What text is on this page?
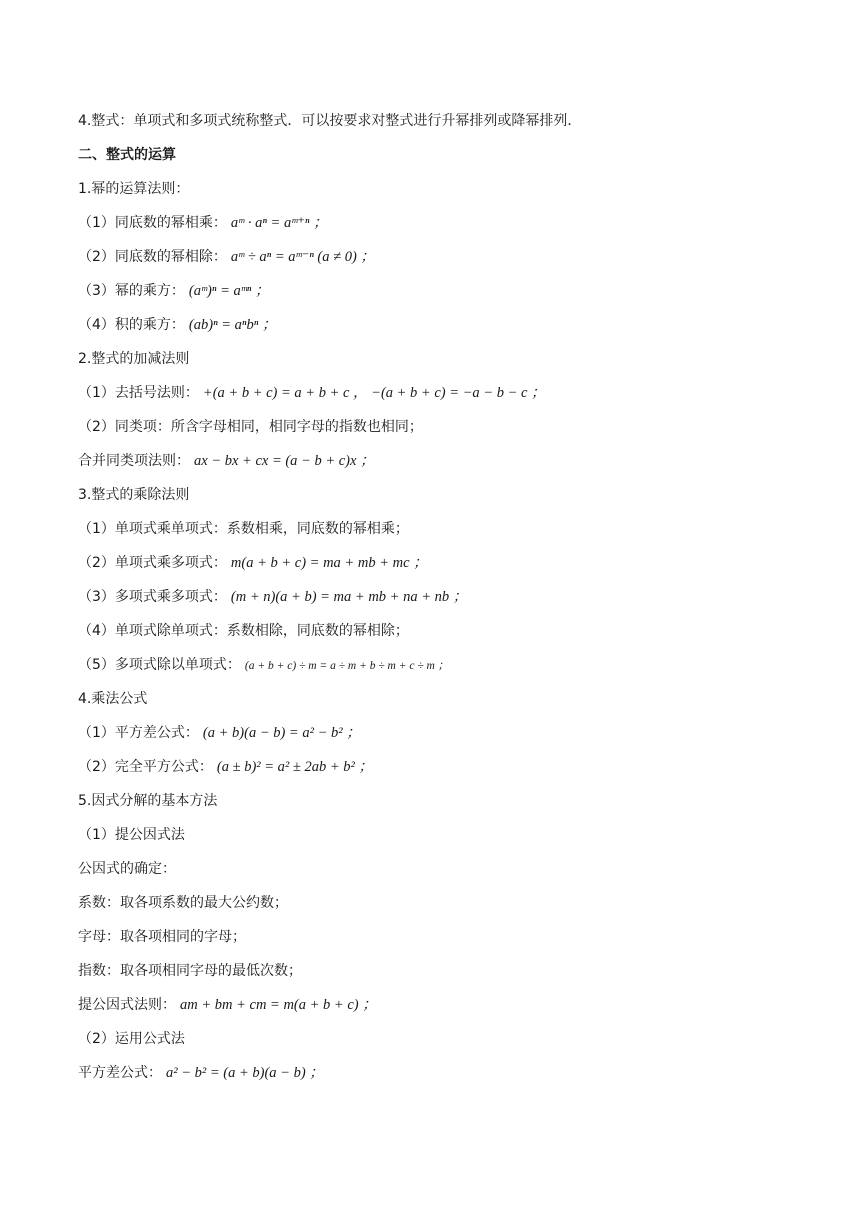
4.整式：单项式和多项式统称整式．可以按要求对整式进行升幂排列或降幂排列．
二、整式的运算
1.幂的运算法则：
（1）同底数的幂相乘： aᵐ · aⁿ = aᵐ⁺ⁿ ；
（2）同底数的幂相除： aᵐ ÷ aⁿ = aᵐ⁻ⁿ (a ≠ 0) ；
（3）幂的乘方： (aᵐ)ⁿ = aᵐⁿ ；
（4）积的乘方： (ab)ⁿ = aⁿbⁿ ；
2.整式的加减法则
（1）去括号法则： +(a + b + c) = a + b + c ， −(a + b + c) = −a − b − c ；
（2）同类项：所含字母相同，相同字母的指数也相同；
合并同类项法则： ax − bx + cx = (a − b + c)x ；
3.整式的乘除法则
（1）单项式乘单项式：系数相乘，同底数的幂相乘；
（2）单项式乘多项式： m(a + b + c) = ma + mb + mc ；
（3）多项式乘多项式： (m + n)(a + b) = ma + mb + na + nb ；
（4）单项式除单项式：系数相除，同底数的幂相除；
（5）多项式除以单项式： (a + b + c) ÷ m = a ÷ m + b ÷ m + c ÷ m ；
4.乘法公式
（1）平方差公式： (a + b)(a − b) = a² − b² ；
（2）完全平方公式： (a ± b)² = a² ± 2ab + b² ；
5.因式分解的基本方法
（1）提公因式法
公因式的确定：
系数：取各项系数的最大公约数；
字母：取各项相同的字母；
指数：取各项相同字母的最低次数；
提公因式法则： am + bm + cm = m(a + b + c) ；
（2）运用公式法
平方差公式： a² − b² = (a + b)(a − b) ；
